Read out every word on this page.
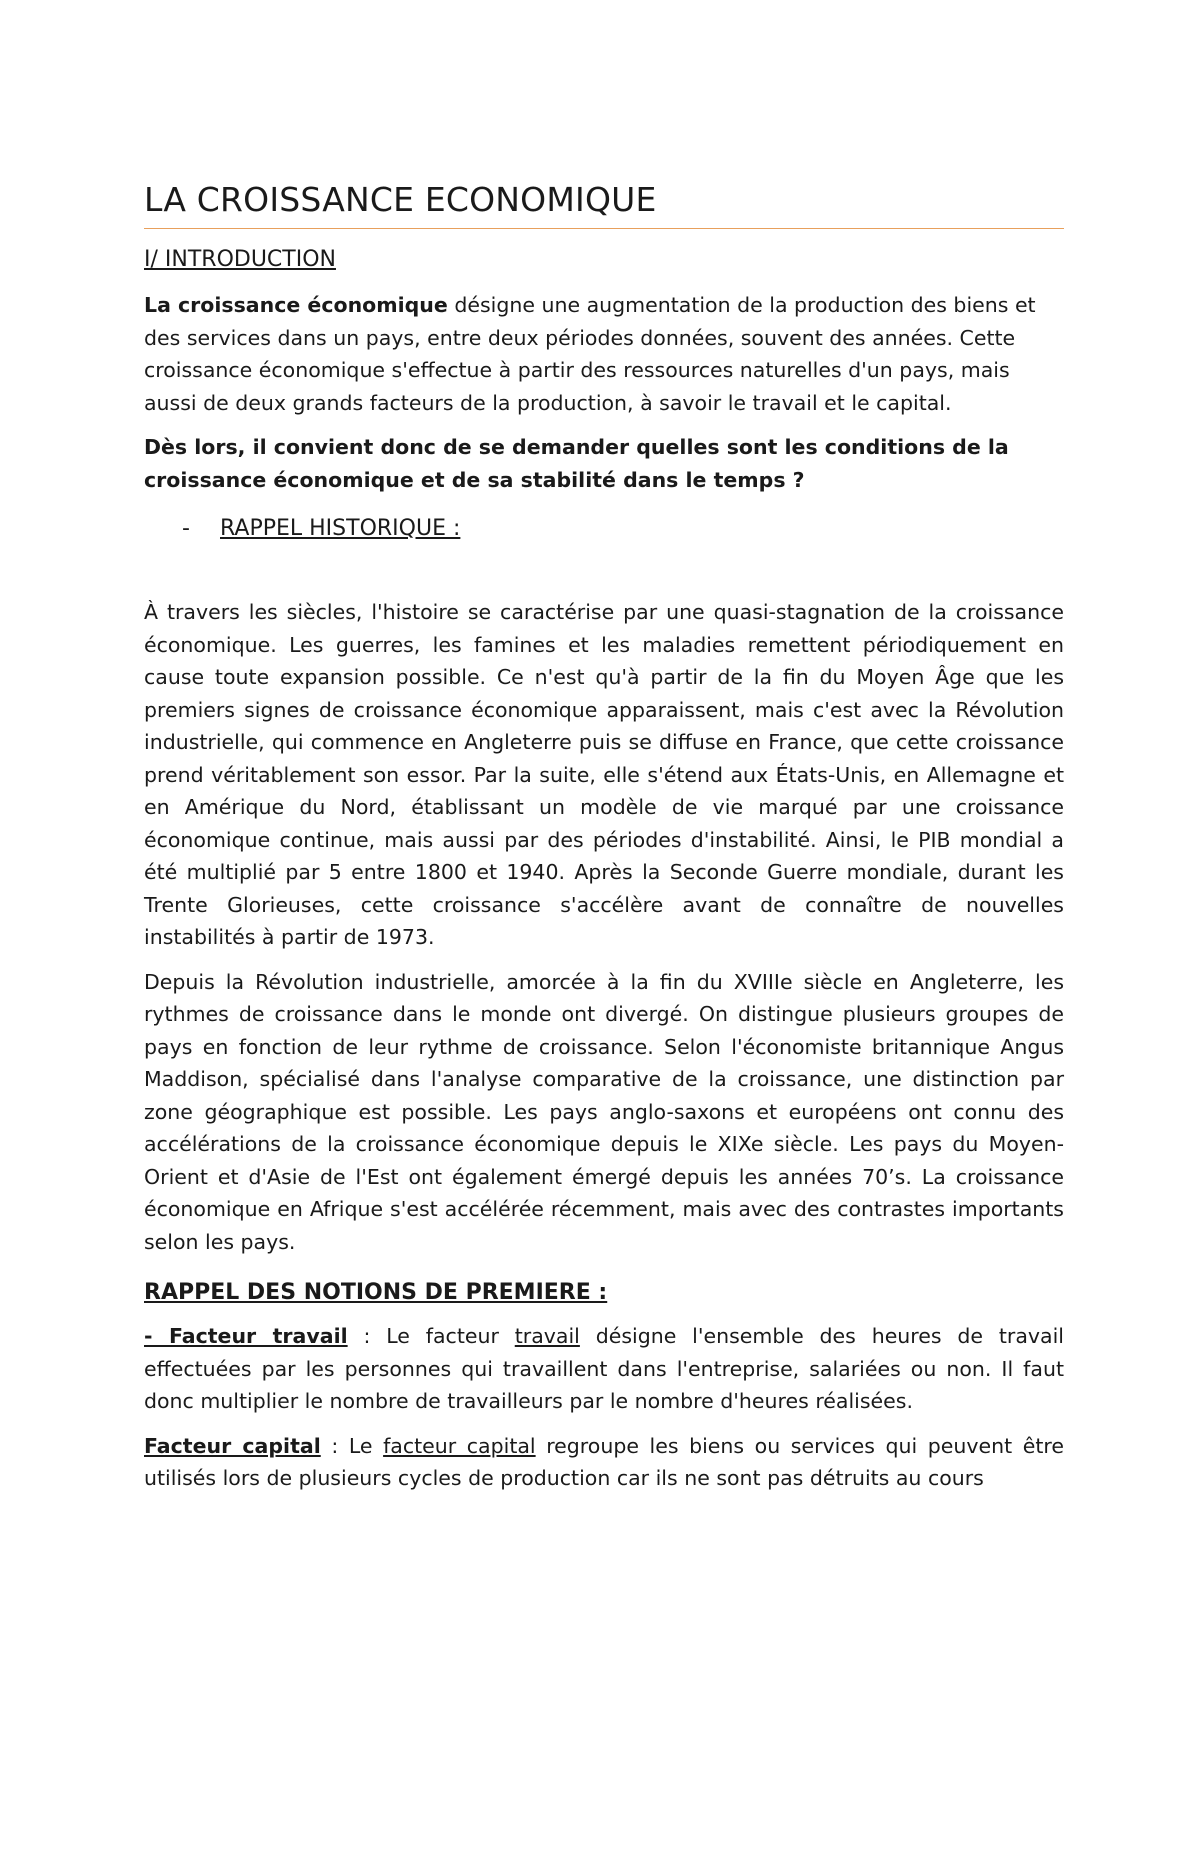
LA CROISSANCE ECONOMIQUE
I/ INTRODUCTION

La croissance économique désigne une augmentation de la production des biens et des services dans un pays, entre deux périodes données, souvent des années. Cette croissance économique s'effectue à partir des ressources naturelles d'un pays, mais aussi de deux grands facteurs de la production, à savoir le travail et le capital.

Dès lors, il convient donc de se demander quelles sont les conditions de la croissance économique et de sa stabilité dans le temps ?

- RAPPEL HISTORIQUE :

À travers les siècles, l'histoire se caractérise par une quasi-stagnation de la croissance économique. Les guerres, les famines et les maladies remettent périodiquement en cause toute expansion possible. Ce n'est qu'à partir de la fin du Moyen Âge que les premiers signes de croissance économique apparaissent, mais c'est avec la Révolution industrielle, qui commence en Angleterre puis se diffuse en France, que cette croissance prend véritablement son essor. Par la suite, elle s'étend aux États-Unis, en Allemagne et en Amérique du Nord, établissant un modèle de vie marqué par une croissance économique continue, mais aussi par des périodes d'instabilité. Ainsi, le PIB mondial a été multiplié par 5 entre 1800 et 1940. Après la Seconde Guerre mondiale, durant les Trente Glorieuses, cette croissance s'accélère avant de connaître de nouvelles instabilités à partir de 1973.

Depuis la Révolution industrielle, amorcée à la fin du XVIIIe siècle en Angleterre, les rythmes de croissance dans le monde ont divergé. On distingue plusieurs groupes de pays en fonction de leur rythme de croissance. Selon l'économiste britannique Angus Maddison, spécialisé dans l'analyse comparative de la croissance, une distinction par zone géographique est possible. Les pays anglo-saxons et européens ont connu des accélérations de la croissance économique depuis le XIXe siècle. Les pays du Moyen-Orient et d'Asie de l'Est ont également émergé depuis les années 70’s. La croissance économique en Afrique s'est accélérée récemment, mais avec des contrastes importants selon les pays.

RAPPEL DES NOTIONS DE PREMIERE :

- Facteur travail : Le facteur travail désigne l'ensemble des heures de travail effectuées par les personnes qui travaillent dans l'entreprise, salariées ou non. Il faut donc multiplier le nombre de travailleurs par le nombre d'heures réalisées.

Facteur capital : Le facteur capital regroupe les biens ou services qui peuvent être utilisés lors de plusieurs cycles de production car ils ne sont pas détruits au cours
